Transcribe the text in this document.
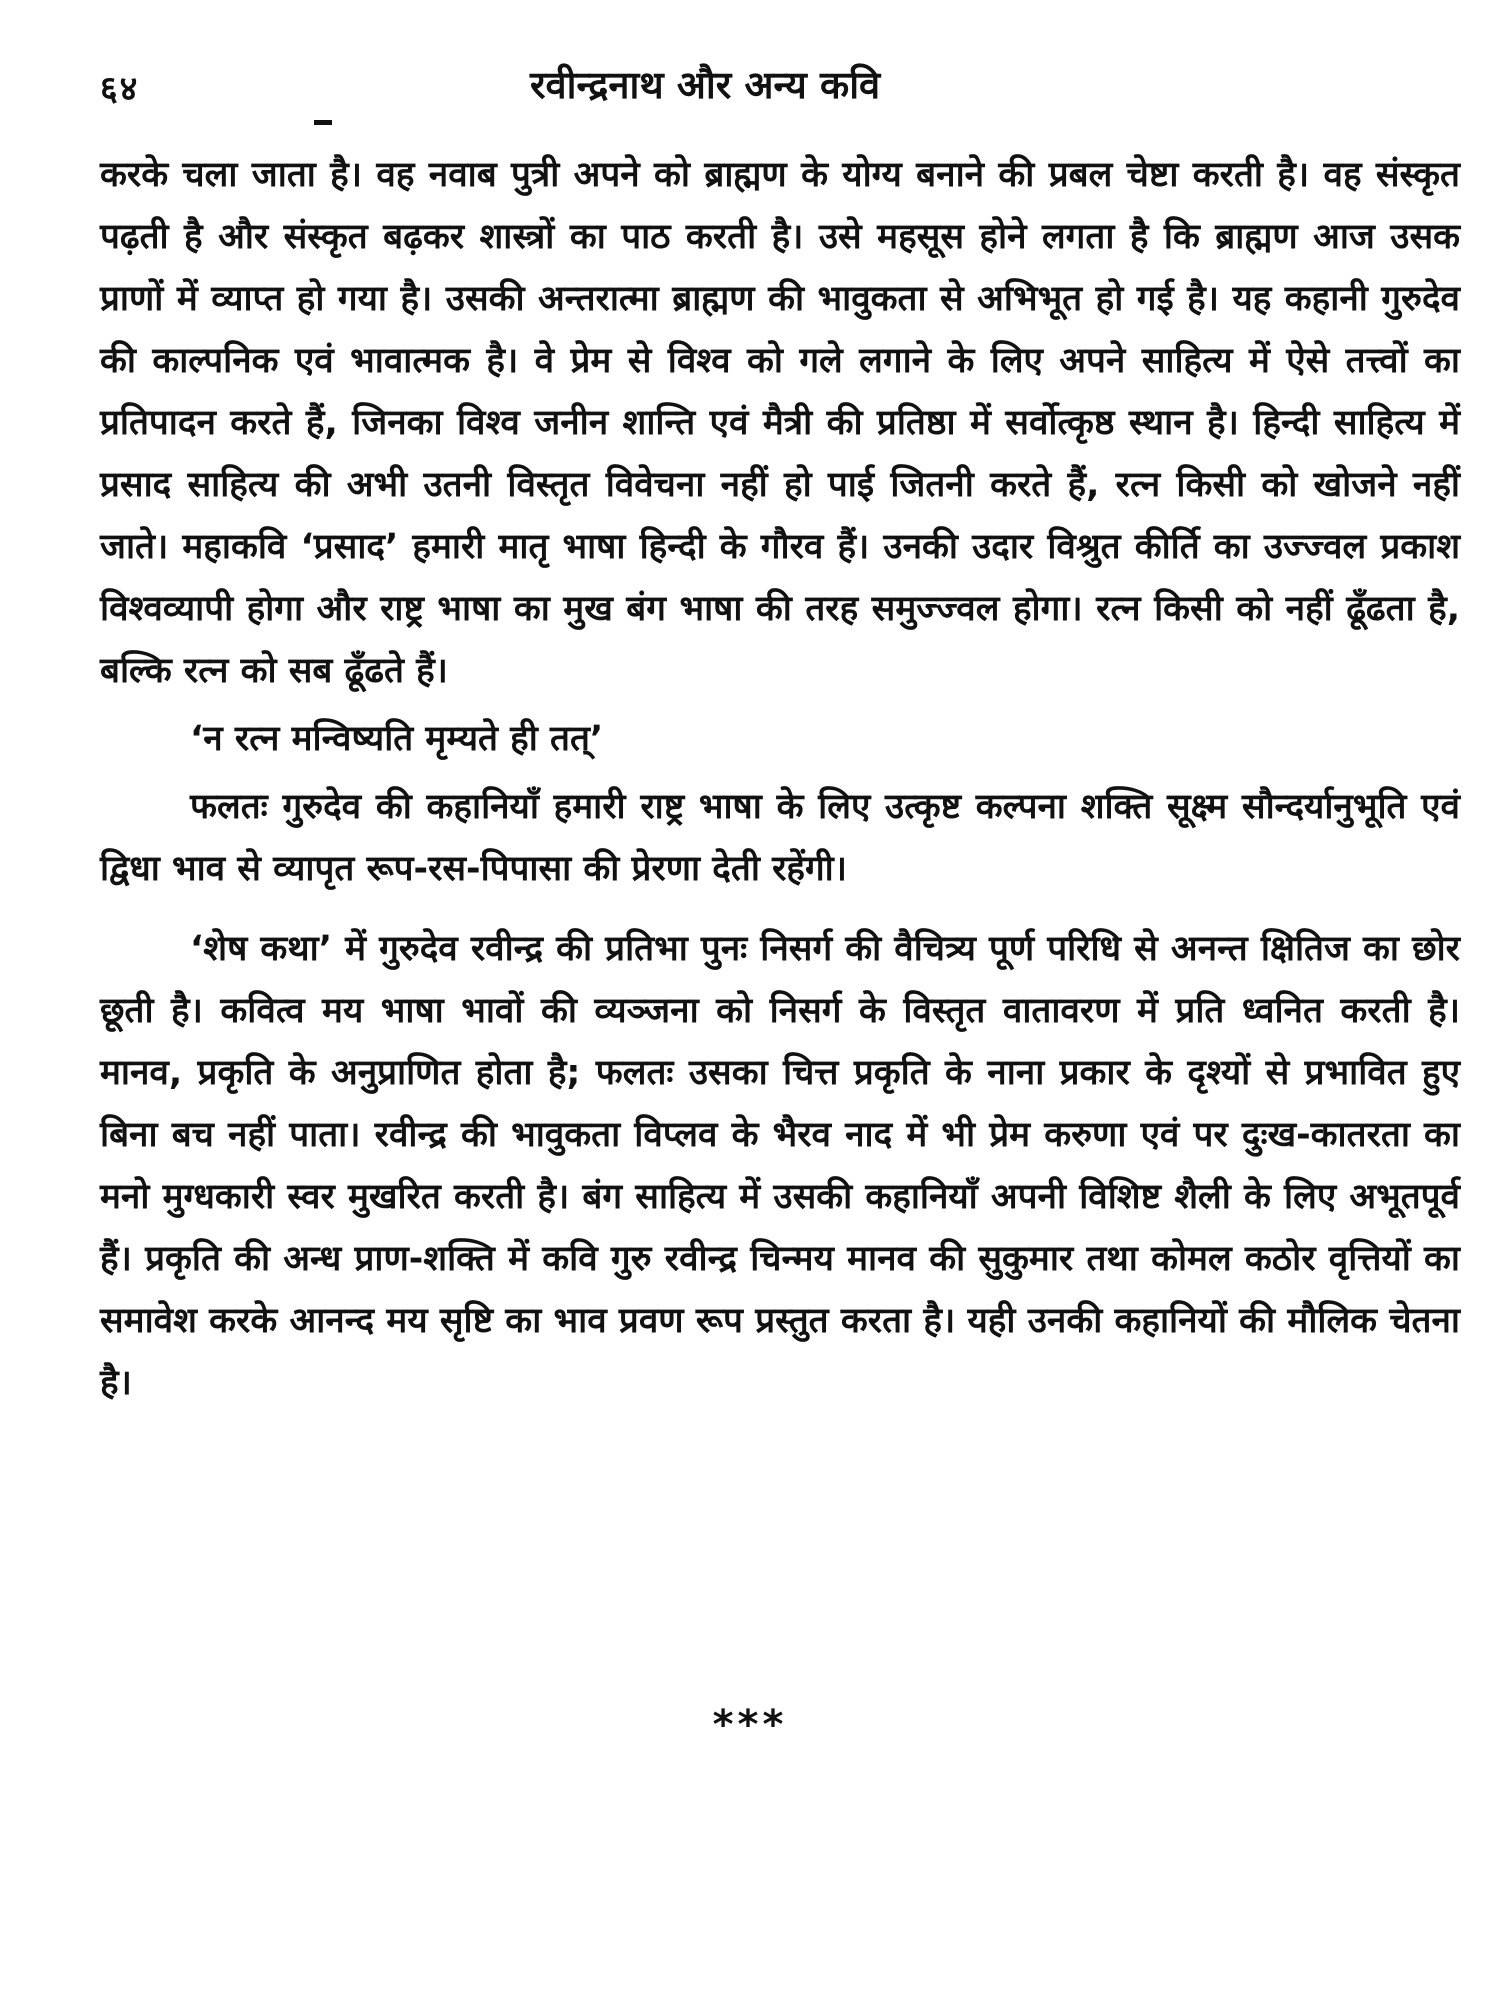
६४	रवीन्द्रनाथ और अन्य कवि

करके चला जाता है। वह नवाब पुत्री अपने को ब्राह्मण के योग्य बनाने की प्रबल चेष्टा करती है। वह संस्कृत पढ़ती है और संस्कृत बढ़कर शास्त्रों का पाठ करती है। उसे महसूस होने लगता है कि ब्राह्मण आज उसक प्राणों में व्याप्त हो गया है। उसकी अन्तरात्मा ब्राह्मण की भावुकता से अभिभूत हो गई है। यह कहानी गुरुदेव की काल्पनिक एवं भावात्मक है। वे प्रेम से विश्व को गले लगाने के लिए अपने साहित्य में ऐसे तत्त्वों का प्रतिपादन करते हैं, जिनका विश्व जनीन शान्ति एवं मैत्री की प्रतिष्ठा में सर्वोत्कृष्ठ स्थान है। हिन्दी साहित्य में प्रसाद साहित्य की अभी उतनी विस्तृत विवेचना नहीं हो पाई जितनी करते हैं, रत्न किसी को खोजने नहीं जाते। महाकवि ‘प्रसाद’ हमारी मातृ भाषा हिन्दी के गौरव हैं। उनकी उदार विश्रुत कीर्ति का उज्ज्वल प्रकाश विश्वव्यापी होगा और राष्ट्र भाषा का मुख बंग भाषा की तरह समुज्ज्वल होगा। रत्न किसी को नहीं ढूँढता है, बल्कि रत्न को सब ढूँढते हैं।

‘न रत्न मन्विष्यति मृम्यते ही तत्’

फलतः गुरुदेव की कहानियाँ हमारी राष्ट्र भाषा के लिए उत्कृष्ट कल्पना शक्ति सूक्ष्म सौन्दर्यानुभूति एवं द्विधा भाव से व्यापृत रूप-रस-पिपासा की प्रेरणा देती रहेंगी।

‘शेष कथा’ में गुरुदेव रवीन्द्र की प्रतिभा पुनः निसर्ग की वैचित्र्य पूर्ण परिधि से अनन्त क्षितिज का छोर छूती है। कवित्व मय भाषा भावों की व्यञ्जना को निसर्ग के विस्तृत वातावरण में प्रति ध्वनित करती है। मानव, प्रकृति के अनुप्राणित होता है; फलतः उसका चित्त प्रकृति के नाना प्रकार के दृश्यों से प्रभावित हुए बिना बच नहीं पाता। रवीन्द्र की भावुकता विप्लव के भैरव नाद में भी प्रेम करुणा एवं पर दुःख-कातरता का मनो मुग्धकारी स्वर मुखरित करती है। बंग साहित्य में उसकी कहानियाँ अपनी विशिष्ट शैली के लिए अभूतपूर्व हैं। प्रकृति की अन्ध प्राण-शक्ति में कवि गुरु रवीन्द्र चिन्मय मानव की सुकुमार तथा कोमल कठोर वृत्तियों का समावेश करके आनन्द मय सृष्टि का भाव प्रवण रूप प्रस्तुत करता है। यही उनकी कहानियों की मौलिक चेतना है।

***
